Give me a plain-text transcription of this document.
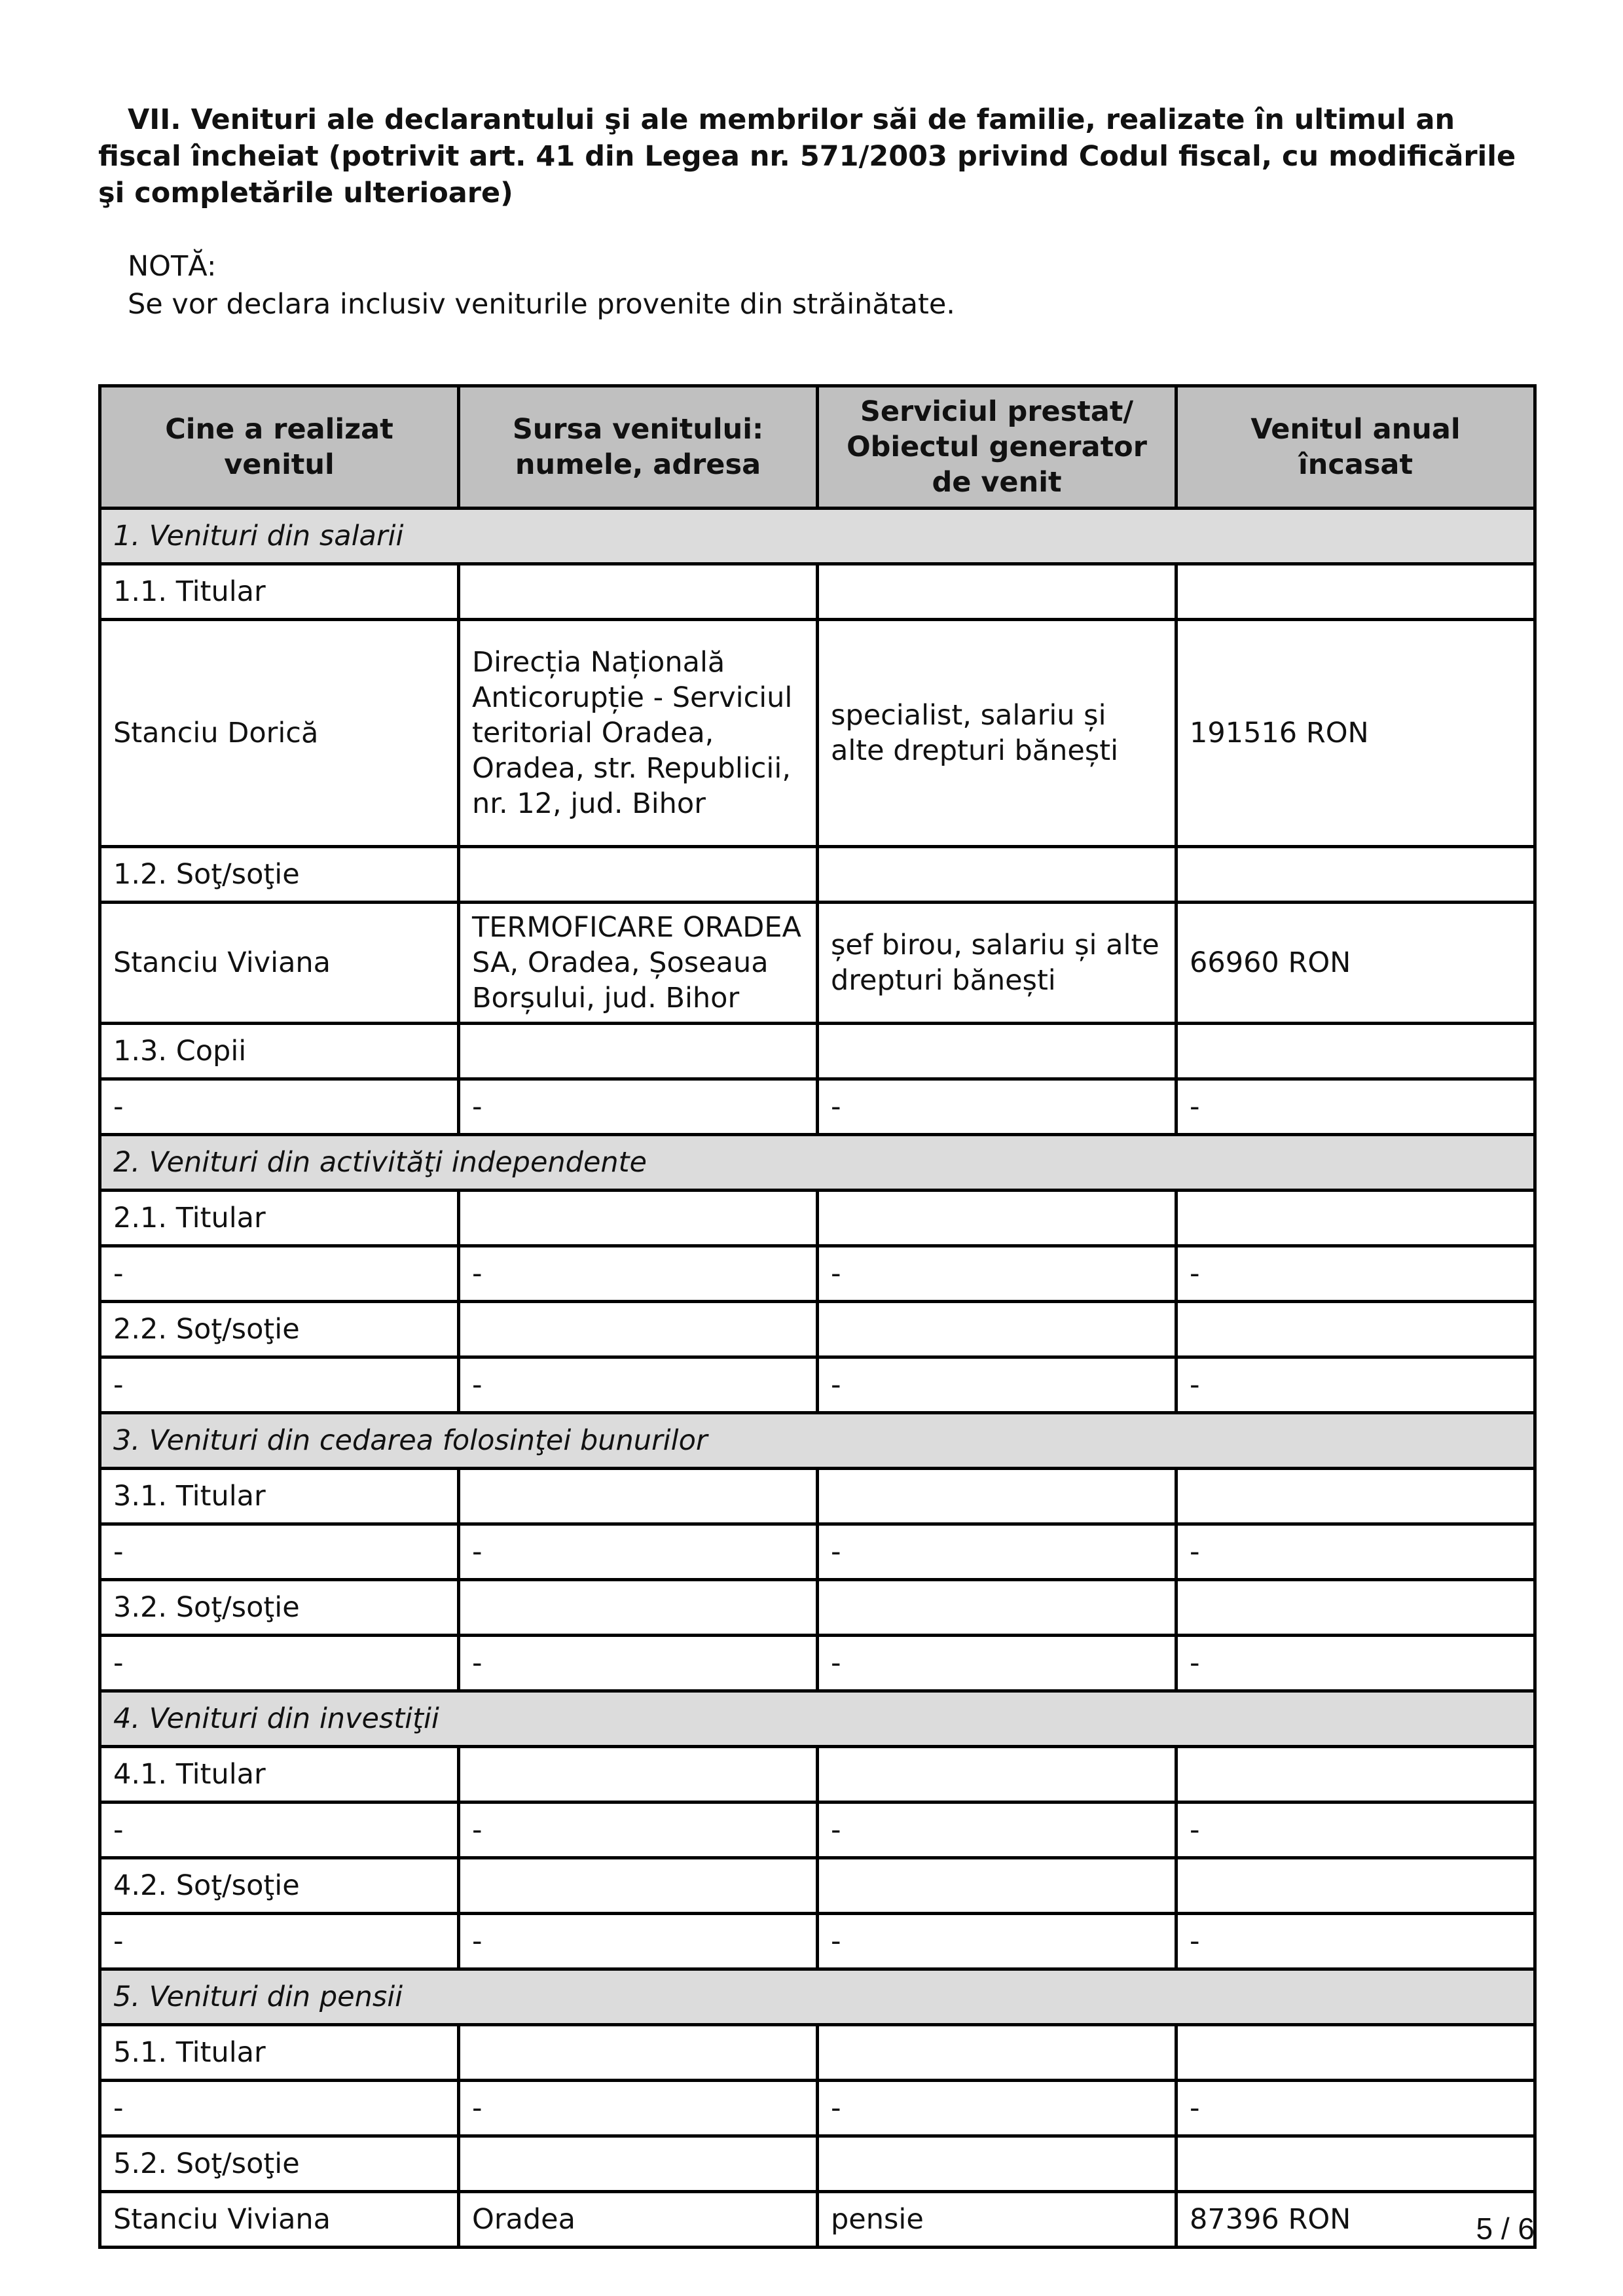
VII. Venituri ale declarantului şi ale membrilor săi de familie, realizate în ultimul an fiscal încheiat (potrivit art. 41 din Legea nr. 571/2003 privind Codul fiscal, cu modificările şi completările ulterioare)
NOTĂ:
Se vor declara inclusiv veniturile provenite din străinătate.
Cine a realizat venitul	Sursa venitului: numele, adresa	Serviciul prestat/ Obiectul generator de venit	Venitul anual încasat
1. Venituri din salarii			
1.1. Titular			
Stanciu Dorică	Direcția Națională Anticorupție - Serviciul teritorial Oradea, Oradea, str. Republicii, nr. 12, jud. Bihor	specialist, salariu și alte drepturi bănești	191516 RON
1.2. Soţ/soţie			
Stanciu Viviana	TERMOFICARE ORADEA SA, Oradea, Șoseaua Borșului, jud. Bihor	șef birou, salariu și alte drepturi bănești	66960 RON
1.3. Copii			
-	-	-	-
2. Venituri din activităţi independente			
2.1. Titular			
-	-	-	-
2.2. Soţ/soţie			
-	-	-	-
3. Venituri din cedarea folosinţei bunurilor			
3.1. Titular			
-	-	-	-
3.2. Soţ/soţie			
-	-	-	-
4. Venituri din investiţii			
4.1. Titular			
-	-	-	-
4.2. Soţ/soţie			
-	-	-	-
5. Venituri din pensii			
5.1. Titular			
-	-	-	-
5.2. Soţ/soţie			
Stanciu Viviana	Oradea	pensie	87396 RON	5 / 6
